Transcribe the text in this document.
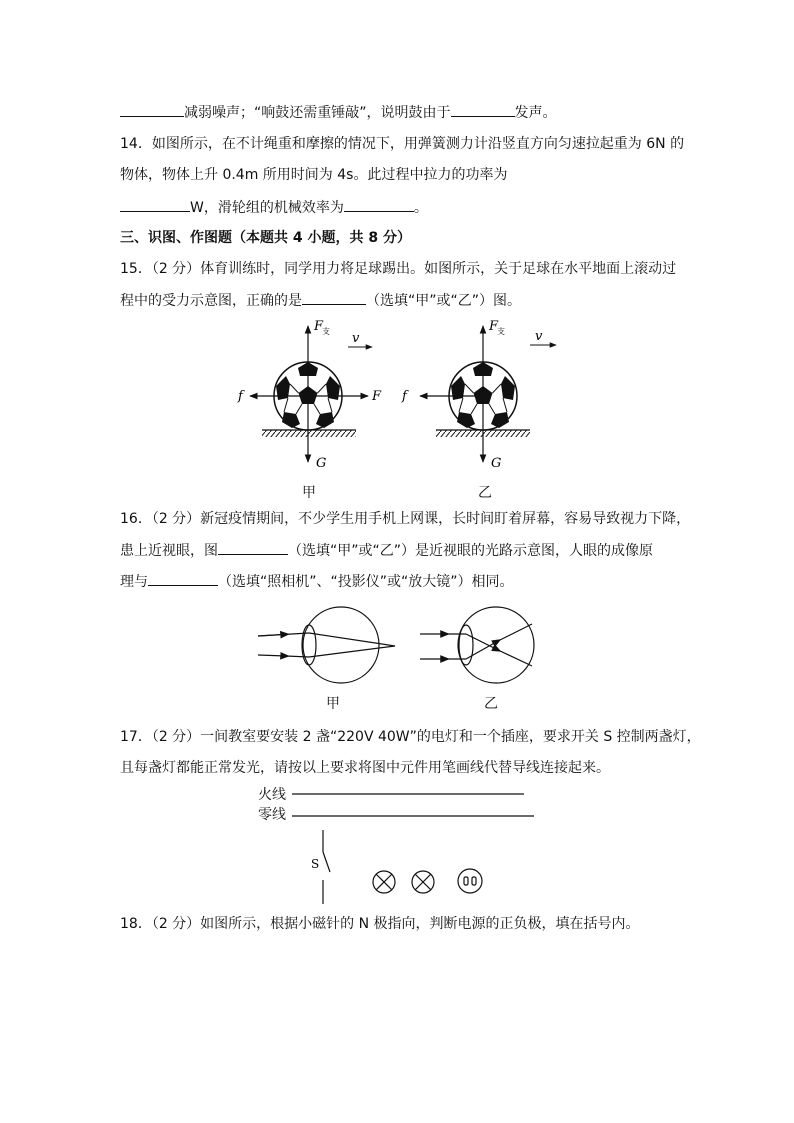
减弱噪声；“响鼓还需重锤敲”，说明鼓由于	发声。
14．如图所示，在不计绳重和摩擦的情况下，用弹簧测力计沿竖直方向匀速拉起重为 6N 的
物体，物体上升 0.4m 所用时间为 4s。此过程中拉力的功率为
W，滑轮组的机械效率为	。
三、识图、作图题（本题共 4 小题，共 8 分）
15．（2 分）体育训练时，同学用力将足球踢出。如图所示，关于足球在水平地面上滚动过
程中的受力示意图，正确的是	（选填“甲”或“乙”）图。
F
支 v
G
f	F
F
支 v
G
f
甲	乙
16．（2 分）新冠疫情期间，不少学生用手机上网课，长时间盯着屏幕，容易导致视力下降，
患上近视眼，图	（选填“甲”或“乙”）是近视眼的光路示意图，人眼的成像原
理与	（选填“照相机”、“投影仪”或“放大镜”）相同。
甲	乙
17．（2 分）一间教室要安装 2 盏“220V 40W”的电灯和一个插座，要求开关 S 控制两盏灯，
且每盏灯都能正常发光，请按以上要求将图中元件用笔画线代替导线连接起来。
火线
零线
S
18．（2 分）如图所示，根据小磁针的 N 极指向，判断电源的正负极，填在括号内。
